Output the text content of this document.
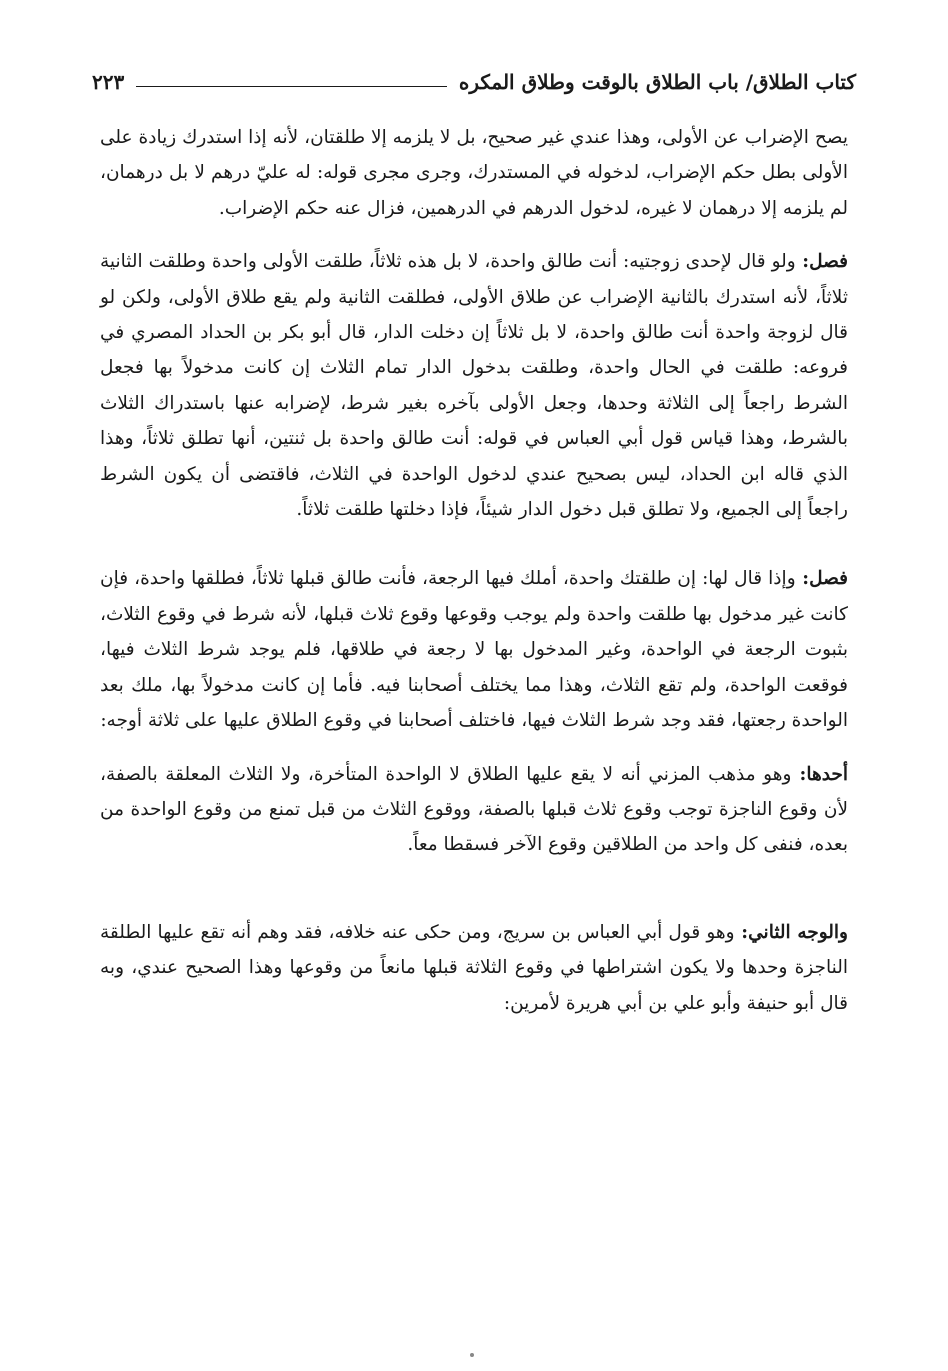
كتاب الطلاق/ باب الطلاق بالوقت وطلاق المكره
٢٢٣

يصح الإضراب عن الأولى، وهذا عندي غير صحيح، بل لا يلزمه إلا طلقتان، لأنه إذا استدرك زيادة على الأولى بطل حكم الإضراب، لدخوله في المستدرك، وجرى مجرى قوله: له عليّ درهم لا بل درهمان، لم يلزمه إلا درهمان لا غيره، لدخول الدرهم في الدرهمين، فزال عنه حكم الإضراب.

فصل: ولو قال لإحدى زوجتيه: أنت طالق واحدة، لا بل هذه ثلاثاً، طلقت الأولى واحدة وطلقت الثانية ثلاثاً، لأنه استدرك بالثانية الإضراب عن طلاق الأولى، فطلقت الثانية ولم يقع طلاق الأولى، ولكن لو قال لزوجة واحدة أنت طالق واحدة، لا بل ثلاثاً إن دخلت الدار، قال أبو بكر بن الحداد المصري في فروعه: طلقت في الحال واحدة، وطلقت بدخول الدار تمام الثلاث إن كانت مدخولاً بها فجعل الشرط راجعاً إلى الثلاثة وحدها، وجعل الأولى بآخره بغير شرط، لإضرابه عنها باستدراك الثلاث بالشرط، وهذا قياس قول أبي العباس في قوله: أنت طالق واحدة بل ثنتين، أنها تطلق ثلاثاً، وهذا الذي قاله ابن الحداد، ليس بصحيح عندي لدخول الواحدة في الثلاث، فاقتضى أن يكون الشرط راجعاً إلى الجميع، ولا تطلق قبل دخول الدار شيئاً، فإذا دخلتها طلقت ثلاثاً.

فصل: وإذا قال لها: إن طلقتك واحدة، أملك فيها الرجعة، فأنت طالق قبلها ثلاثاً، فطلقها واحدة، فإن كانت غير مدخول بها طلقت واحدة ولم يوجب وقوعها وقوع ثلاث قبلها، لأنه شرط في وقوع الثلاث، بثبوت الرجعة في الواحدة، وغير المدخول بها لا رجعة في طلاقها، فلم يوجد شرط الثلاث فيها، فوقعت الواحدة، ولم تقع الثلاث، وهذا مما يختلف أصحابنا فيه. فأما إن كانت مدخولاً بها، ملك بعد الواحدة رجعتها، فقد وجد شرط الثلاث فيها، فاختلف أصحابنا في وقوع الطلاق عليها على ثلاثة أوجه:

أحدها: وهو مذهب المزني أنه لا يقع عليها الطلاق لا الواحدة المتأخرة، ولا الثلاث المعلقة بالصفة، لأن وقوع الناجزة توجب وقوع ثلاث قبلها بالصفة، ووقوع الثلاث من قبل تمنع من وقوع الواحدة من بعده، فنفى كل واحد من الطلاقين وقوع الآخر فسقطا معاً.

والوجه الثاني: وهو قول أبي العباس بن سريج، ومن حكى عنه خلافه، فقد وهم أنه تقع عليها الطلقة الناجزة وحدها ولا يكون اشتراطها في وقوع الثلاثة قبلها مانعاً من وقوعها وهذا الصحيح عندي، وبه قال أبو حنيفة وأبو علي بن أبي هريرة لأمرين:
